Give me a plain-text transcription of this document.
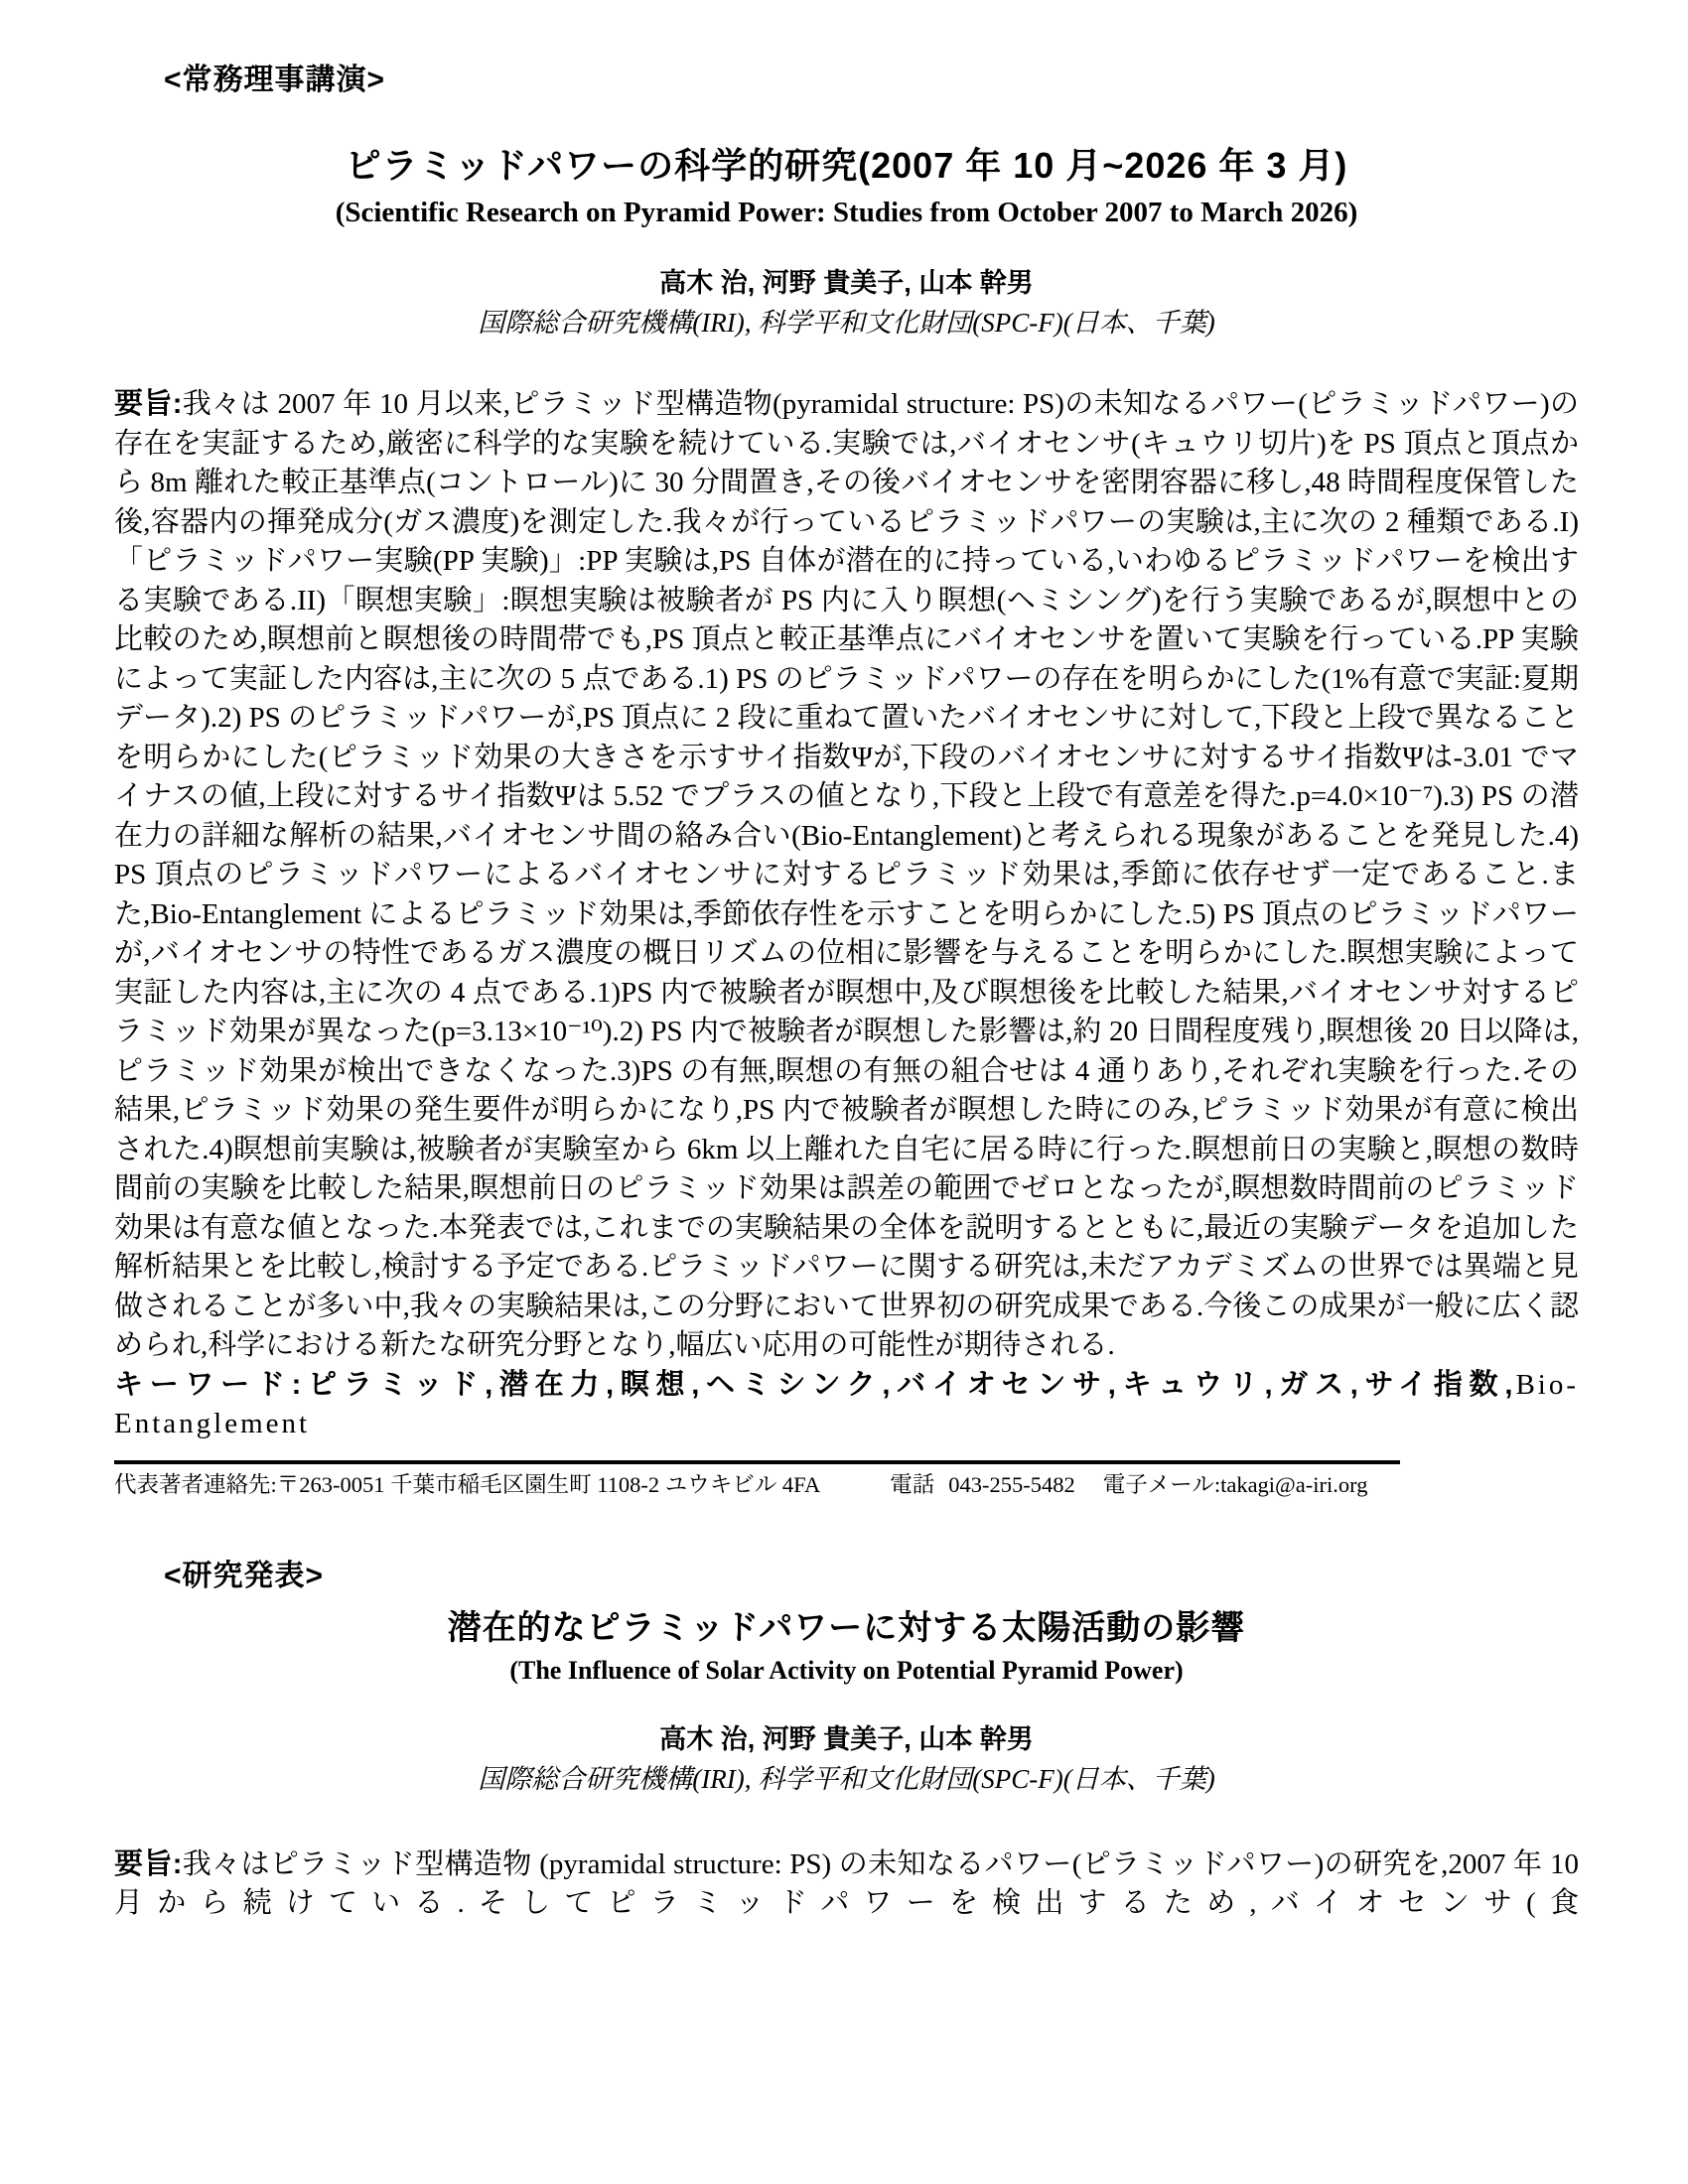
<常務理事講演>

ピラミッドパワーの科学的研究(2007 年 10 月~2026 年 3 月)
(Scientific Research on Pyramid Power: Studies from October 2007 to March 2026)

高木 治, 河野 貴美子, 山本 幹男

国際総合研究機構(IRI), 科学平和文化財団(SPC-F)(日本、千葉)

要旨:我々は 2007 年 10 月以来,ピラミッド型構造物(pyramidal structure: PS)の未知なるパワー(ピラミッドパワー)の存在を実証するため,厳密に科学的な実験を続けている.実験では,バイオセンサ(キュウリ切片)を PS 頂点と頂点から 8m 離れた較正基準点(コントロール)に 30 分間置き,その後バイオセンサを密閉容器に移し,48 時間程度保管した後,容器内の揮発成分(ガス濃度)を測定した.我々が行っているピラミッドパワーの実験は,主に次の 2 種類である.I)「ピラミッドパワー実験(PP 実験)」:PP 実験は,PS 自体が潜在的に持っている,いわゆるピラミッドパワーを検出する実験である.II)「瞑想実験」:瞑想実験は被験者が PS 内に入り瞑想(ヘミシング)を行う実験であるが,瞑想中との比較のため,瞑想前と瞑想後の時間帯でも,PS 頂点と較正基準点にバイオセンサを置いて実験を行っている.PP 実験によって実証した内容は,主に次の 5 点である.1) PS のピラミッドパワーの存在を明らかにした(1%有意で実証:夏期データ).2) PS のピラミッドパワーが,PS 頂点に 2 段に重ねて置いたバイオセンサに対して,下段と上段で異なることを明らかにした(ピラミッド効果の大きさを示すサイ指数Ψが,下段のバイオセンサに対するサイ指数Ψは-3.01 でマイナスの値,上段に対するサイ指数Ψは 5.52 でプラスの値となり,下段と上段で有意差を得た.p=4.0×10⁻⁷).3) PS の潜在力の詳細な解析の結果,バイオセンサ間の絡み合い(Bio-Entanglement)と考えられる現象があることを発見した.4) PS 頂点のピラミッドパワーによるバイオセンサに対するピラミッド効果は,季節に依存せず一定であること.また,Bio-Entanglement によるピラミッド効果は,季節依存性を示すことを明らかにした.5) PS 頂点のピラミッドパワーが,バイオセンサの特性であるガス濃度の概日リズムの位相に影響を与えることを明らかにした.瞑想実験によって実証した内容は,主に次の 4 点である.1)PS 内で被験者が瞑想中,及び瞑想後を比較した結果,バイオセンサ対するピラミッド効果が異なった(p=3.13×10⁻¹⁰).2) PS 内で被験者が瞑想した影響は,約 20 日間程度残り,瞑想後 20 日以降は,ピラミッド効果が検出できなくなった.3)PS の有無,瞑想の有無の組合せは 4 通りあり,それぞれ実験を行った.その結果,ピラミッド効果の発生要件が明らかになり,PS 内で被験者が瞑想した時にのみ,ピラミッド効果が有意に検出された.4)瞑想前実験は,被験者が実験室から 6km 以上離れた自宅に居る時に行った.瞑想前日の実験と,瞑想の数時間前の実験を比較した結果,瞑想前日のピラミッド効果は誤差の範囲でゼロとなったが,瞑想数時間前のピラミッド効果は有意な値となった.本発表では,これまでの実験結果の全体を説明するとともに,最近の実験データを追加した解析結果とを比較し,検討する予定である.ピラミッドパワーに関する研究は,未だアカデミズムの世界では異端と見做されることが多い中,我々の実験結果は,この分野において世界初の研究成果である.今後この成果が一般に広く認められ,科学における新たな研究分野となり,幅広い応用の可能性が期待される.

キーワード:ピラミッド,潜在力,瞑想,ヘミシンク,バイオセンサ,キュウリ,ガス,サイ指数,Bio-Entanglement

代表著者連絡先:〒263-0051 千葉市稲毛区園生町 1108-2 ユウキビル 4FA	電話 043-255-5482 電子メール:takagi@a-iri.org

<研究発表>

潜在的なピラミッドパワーに対する太陽活動の影響
(The Influence of Solar Activity on Potential Pyramid Power)

高木 治, 河野 貴美子, 山本 幹男

国際総合研究機構(IRI), 科学平和文化財団(SPC-F)(日本、千葉)

要旨:我々はピラミッド型構造物 (pyramidal structure: PS) の未知なるパワー(ピラミッドパワー)の研究を,2007 年 10 月から続けている.そしてピラミッドパワーを検出するため,バイオセンサ(食
